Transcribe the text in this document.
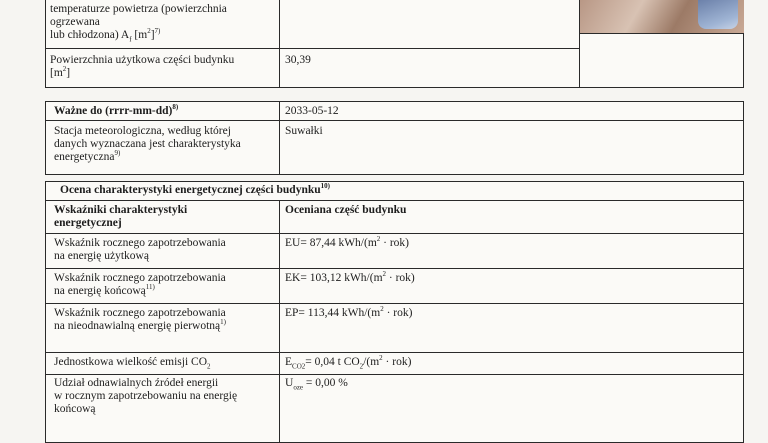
temperaturze powietrza (powierzchnia
ogrzewana
lub chłodzona) $A_f$ $[m^2]^{7)}$
Powierzchnia użytkowa części budynku
$[m^2]$
30,39
Ważne do (rrrr-mm-dd)$^{8)}$	2033-05-12
Stacja meteorologiczna, według której
danych wyznaczana jest charakterystyka
energetyczna$^{9)}$
Suwałki
Ocena charakterystyki energetycznej części budynku$^{10)}$
Wskaźniki charakterystyki
energetycznej
Oceniana część budynku
Wskaźnik rocznego zapotrzebowania
na energię użytkową
EU= 87,44 kWh/$(m^2 \cdot rok)$
Wskaźnik rocznego zapotrzebowania
na energię końcową$^{11)}$
EK= 103,12 kWh/$(m^2 \cdot rok)$
Wskaźnik rocznego zapotrzebowania
na nieodnawialną energię pierwotną$^{1)}$
EP= 113,44 kWh/$(m^2 \cdot rok)$
Jednostkowa wielkość emisji $CO_2$	$E_{CO2}= 0,04$ t $CO_2/(m^2 \cdot rok)$
Udział odnawialnych źródeł energii
w rocznym zapotrzebowaniu na energię
końcową
$U_{oze} = 0,00$ %
